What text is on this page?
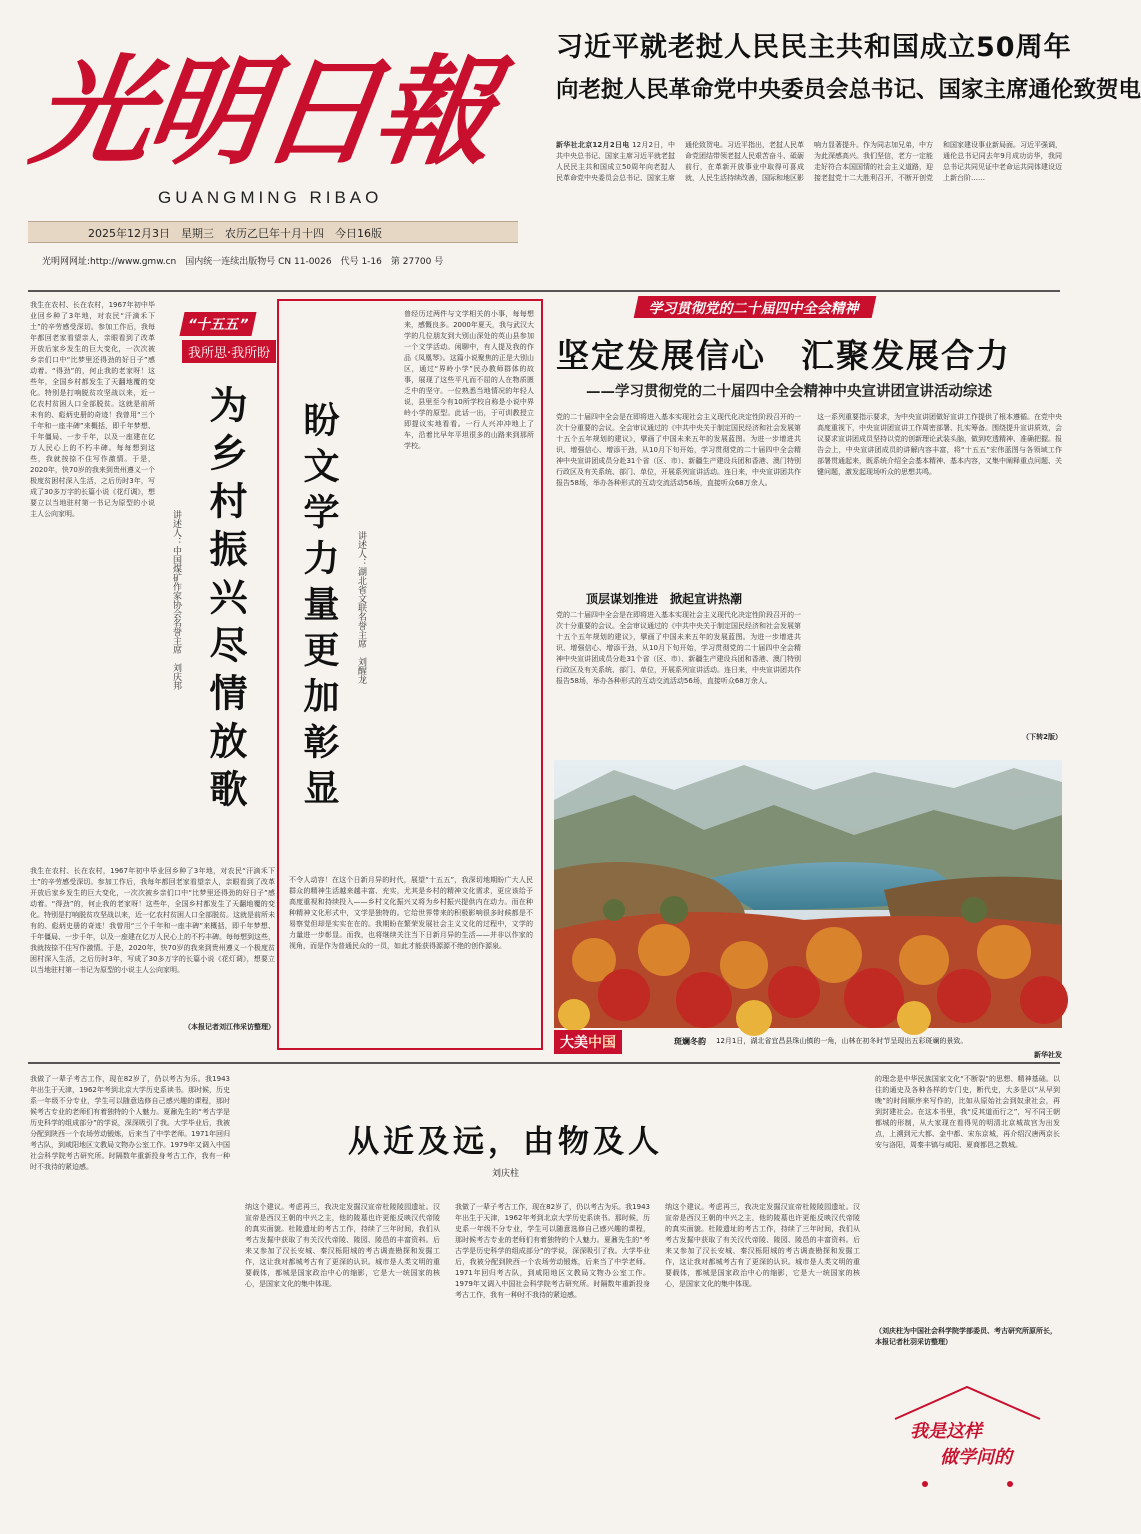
光明日報
GUANGMING RIBAO
2025年12月3日　星期三　农历乙巳年十月十四　今日16版
光明网网址:http://www.gmw.cn　国内统一连续出版物号 CN 11-0026　代号 1-16　第 27700 号
习近平就老挝人民民主共和国成立50周年
向老挝人民革命党中央委员会总书记、国家主席通伦致贺电
新华社北京12月2日电 12月2日，中共中央总书记、国家主席习近平就老挝人民民主共和国成立50周年向老挝人民革命党中央委员会总书记、国家主席通伦致贺电。习近平指出，老挝人民革命党团结带领老挝人民艰苦奋斗、砥砺前行，在革新开放事业中取得可喜成就，人民生活持续改善，国际和地区影响力显著提升。作为同志加兄弟，中方为此深感高兴。我们坚信，老方一定能走好符合本国国情的社会主义道路，迎接老挝党十二大胜利召开，不断开创党和国家建设事业新局面。习近平强调，通伦总书记同去年9月成功访华，我同总书记共同见证中老命运共同体建设迈上新台阶……
我生在农村、长在农村，1967年初中毕业回乡种了3年地，对农民“汗滴禾下土”的辛劳感受深切。参加工作后，我每年都回老家看望亲人，亲眼看到了改革开放后家乡发生的巨大变化，一次次被乡亲们口中“比梦里还得劲的好日子”感动着。“得劲”的，何止我的老家呀！这些年，全国乡村都发生了天翻地覆的变化。特别是打响脱贫攻坚战以来，近一亿农村贫困人口全部脱贫。这就是前所未有的、彪炳史册的奇迹！我曾用“三个千年和一座丰碑”来概括，即千年梦想、千年僵局、一步千年，以及一座建在亿万人民心上的不朽丰碑。每每想到这些，我就按捺不住写作激情。于是，2020年，快70岁的我来到贵州遵义一个极度贫困村深入生活，之后历时3年，写成了30多万字的长篇小说《花灯调》，想要立以当地驻村第一书记为原型的小说主人公向家明。
“十五五” 我所思·我所盼
为乡村振兴尽情放歌
讲述人：中国煤矿作家协会名誉主席　刘庆邦
我生在农村、长在农村，1967年初中毕业回乡种了3年地，对农民“汗滴禾下土”的辛劳感受深切。参加工作后，我每年都回老家看望亲人，亲眼看到了改革开放后家乡发生的巨大变化，一次次被乡亲们口中“比梦里还得劲的好日子”感动着。“得劲”的，何止我的老家呀！这些年，全国乡村都发生了天翻地覆的变化。特别是打响脱贫攻坚战以来，近一亿农村贫困人口全部脱贫。这就是前所未有的、彪炳史册的奇迹！我曾用“三个千年和一座丰碑”来概括，即千年梦想、千年僵局、一步千年，以及一座建在亿万人民心上的不朽丰碑。每每想到这些，我就按捺不住写作激情。于是，2020年，快70岁的我来到贵州遵义一个极度贫困村深入生活，之后历时3年，写成了30多万字的长篇小说《花灯调》，想要立以当地驻村第一书记为原型的小说主人公向家明。
（本报记者刘江伟采访整理）
盼文学力量更加彰显	讲述人：湖北省文联名誉主席　刘醒龙
曾经历过两件与文学相关的小事，每每想来，感慨良多。2000年夏天，我与武汉大学的几位朋友到大别山深处的英山县参加一个文学活动。闲聊中，有人提及我的作品《凤凰琴》。这篇小说聚焦的正是大别山区，通过“界岭小学”民办教师群体的故事，展现了这些平凡而不屈的人在物质匮乏中的坚守。一位熟悉当地情况的年轻人说，县里至今有10所学校自称是小说中界岭小学的原型。此话一出，于可训教授立即提议实地看看。一行人兴冲冲地上了车，沿着比早年平坦很多的山路来到那所学校。
不令人动容！在这个日新月异的时代，展望“十五五”，我深切地期盼广大人民群众的精神生活越来越丰富、充实，尤其是乡村的精神文化需求，更应该给予高度重视和持续投入——乡村文化振兴又将为乡村振兴提供内在动力。而在种种精神文化形式中，文学是独特的。它给世界带来的积极影响很多时候都是不易察觉但却是实实在在的。我期盼在繁荣发展社会主义文化的过程中，文学的力量进一步彰显。而我，也将继续关注当下日新月异的生活——并非以作家的视角，而是作为普通民众的一员，如此才能获得源源不绝的创作源泉。
学习贯彻党的二十届四中全会精神
坚定发展信心　汇聚发展合力
——学习贯彻党的二十届四中全会精神中央宣讲团宣讲活动综述
党的二十届四中全会是在即将进入基本实现社会主义现代化决定性阶段召开的一次十分重要的会议。全会审议通过的《中共中央关于制定国民经济和社会发展第十五个五年规划的建议》，擘画了中国未来五年的发展蓝图。为进一步增进共识、增强信心、增添干劲，从10月下旬开始，学习贯彻党的二十届四中全会精神中央宣讲团成员分赴31个省（区、市）、新疆生产建设兵团和香港、澳门特别行政区及有关系统、部门、单位，开展系列宣讲活动。连日来，中央宣讲团共作报告58场，举办各种形式的互动交流活动56场，直接听众68万余人。
顶层谋划推进　掀起宣讲热潮
党的二十届四中全会是在即将进入基本实现社会主义现代化决定性阶段召开的一次十分重要的会议。全会审议通过的《中共中央关于制定国民经济和社会发展第十五个五年规划的建议》，擘画了中国未来五年的发展蓝图。为进一步增进共识、增强信心、增添干劲，从10月下旬开始，学习贯彻党的二十届四中全会精神中央宣讲团成员分赴31个省（区、市）、新疆生产建设兵团和香港、澳门特别行政区及有关系统、部门、单位，开展系列宣讲活动。连日来，中央宣讲团共作报告58场，举办各种形式的互动交流活动56场，直接听众68万余人。
这一系列重要指示要求，为中央宣讲团做好宣讲工作提供了根本遵循。在党中央高度重视下，中央宣讲团宣讲工作周密部署、扎实筹备。围绕提升宣讲质效，会议要求宣讲团成员坚持以党的创新理论武装头脑，做到吃透精神、准确把握。报告会上，中央宣讲团成员的讲解内容丰富，将“十五五”宏伟蓝图与各领域工作部署贯通起来，既系统介绍全会基本精神、基本内容，又集中阐释重点问题、关键问题，激发起现场听众的思想共鸣。
（下转2版）
大美中国	斑斓冬韵 12月1日，湖北省宜昌县珠山镇的一角，山林在初冬时节呈现出五彩斑斓的景致。
新华社发
我做了一辈子考古工作，现在82岁了，仍以考古为乐。我1943年出生于天津，1962年考到北京大学历史系读书。那时候，历史系一年级不分专业，学生可以随意选修自己感兴趣的课程，那时候考古专业的老师们有着独特的个人魅力。夏鼐先生的“考古学是历史科学的组成部分”的学说，深深吸引了我。大学毕业后，我被分配到陕西一个农场劳动锻炼，后来当了中学老师。1971年回归考古队，到咸阳地区文教局文物办公室工作。1979年又调入中国社会科学院考古研究所。时隔数年重新投身考古工作，我有一种时不我待的紧迫感。
从近及远，由物及人
刘庆柱
纳这个建议。考虑再三，我决定发掘汉宣帝杜陵陵园遗址。汉宣帝是西汉王朝的中兴之主，他的陵墓也许更能反映汉代帝陵的真实面貌。杜陵遗址的考古工作，持续了三年时间，我们从考古发掘中获取了有关汉代帝陵、陵园、陵邑的丰富资料。后来又参加了汉长安城、秦汉栎阳城的考古调查勘探和发掘工作，这让我对都城考古有了更深的认识。城市是人类文明的重要载体，都城是国家政治中心的缩影，它是大一统国家的核心，是国家文化的集中体现。
我做了一辈子考古工作，现在82岁了，仍以考古为乐。我1943年出生于天津，1962年考到北京大学历史系读书。那时候，历史系一年级不分专业，学生可以随意选修自己感兴趣的课程，那时候考古专业的老师们有着独特的个人魅力。夏鼐先生的“考古学是历史科学的组成部分”的学说，深深吸引了我。大学毕业后，我被分配到陕西一个农场劳动锻炼，后来当了中学老师。1971年回归考古队，到咸阳地区文教局文物办公室工作。1979年又调入中国社会科学院考古研究所。时隔数年重新投身考古工作，我有一种时不我待的紧迫感。
纳这个建议。考虑再三，我决定发掘汉宣帝杜陵陵园遗址。汉宣帝是西汉王朝的中兴之主，他的陵墓也许更能反映汉代帝陵的真实面貌。杜陵遗址的考古工作，持续了三年时间，我们从考古发掘中获取了有关汉代帝陵、陵园、陵邑的丰富资料。后来又参加了汉长安城、秦汉栎阳城的考古调查勘探和发掘工作，这让我对都城考古有了更深的认识。城市是人类文明的重要载体，都城是国家政治中心的缩影，它是大一统国家的核心，是国家文化的集中体现。
的理念是中华民族国家文化“不断裂”的思想、精神基础。以往的通史及各种各样的专门史，断代史，大多是以“从早到晚”的时间顺序来写作的，比如从原始社会到奴隶社会，再到封建社会。在这本书里，我“反其道而行之”，写不同王朝都城的形制，从大家现在看得见的明清北京城故宫为出发点，上溯到元大都、金中都、宋东京城，再介绍汉唐两京长安与洛阳，周秦丰镐与咸阳、夏商都邑之数城。
（刘庆柱为中国社会科学院学部委员、考古研究所原所长，本报记者杜羽采访整理）
我是这样
做学问的
